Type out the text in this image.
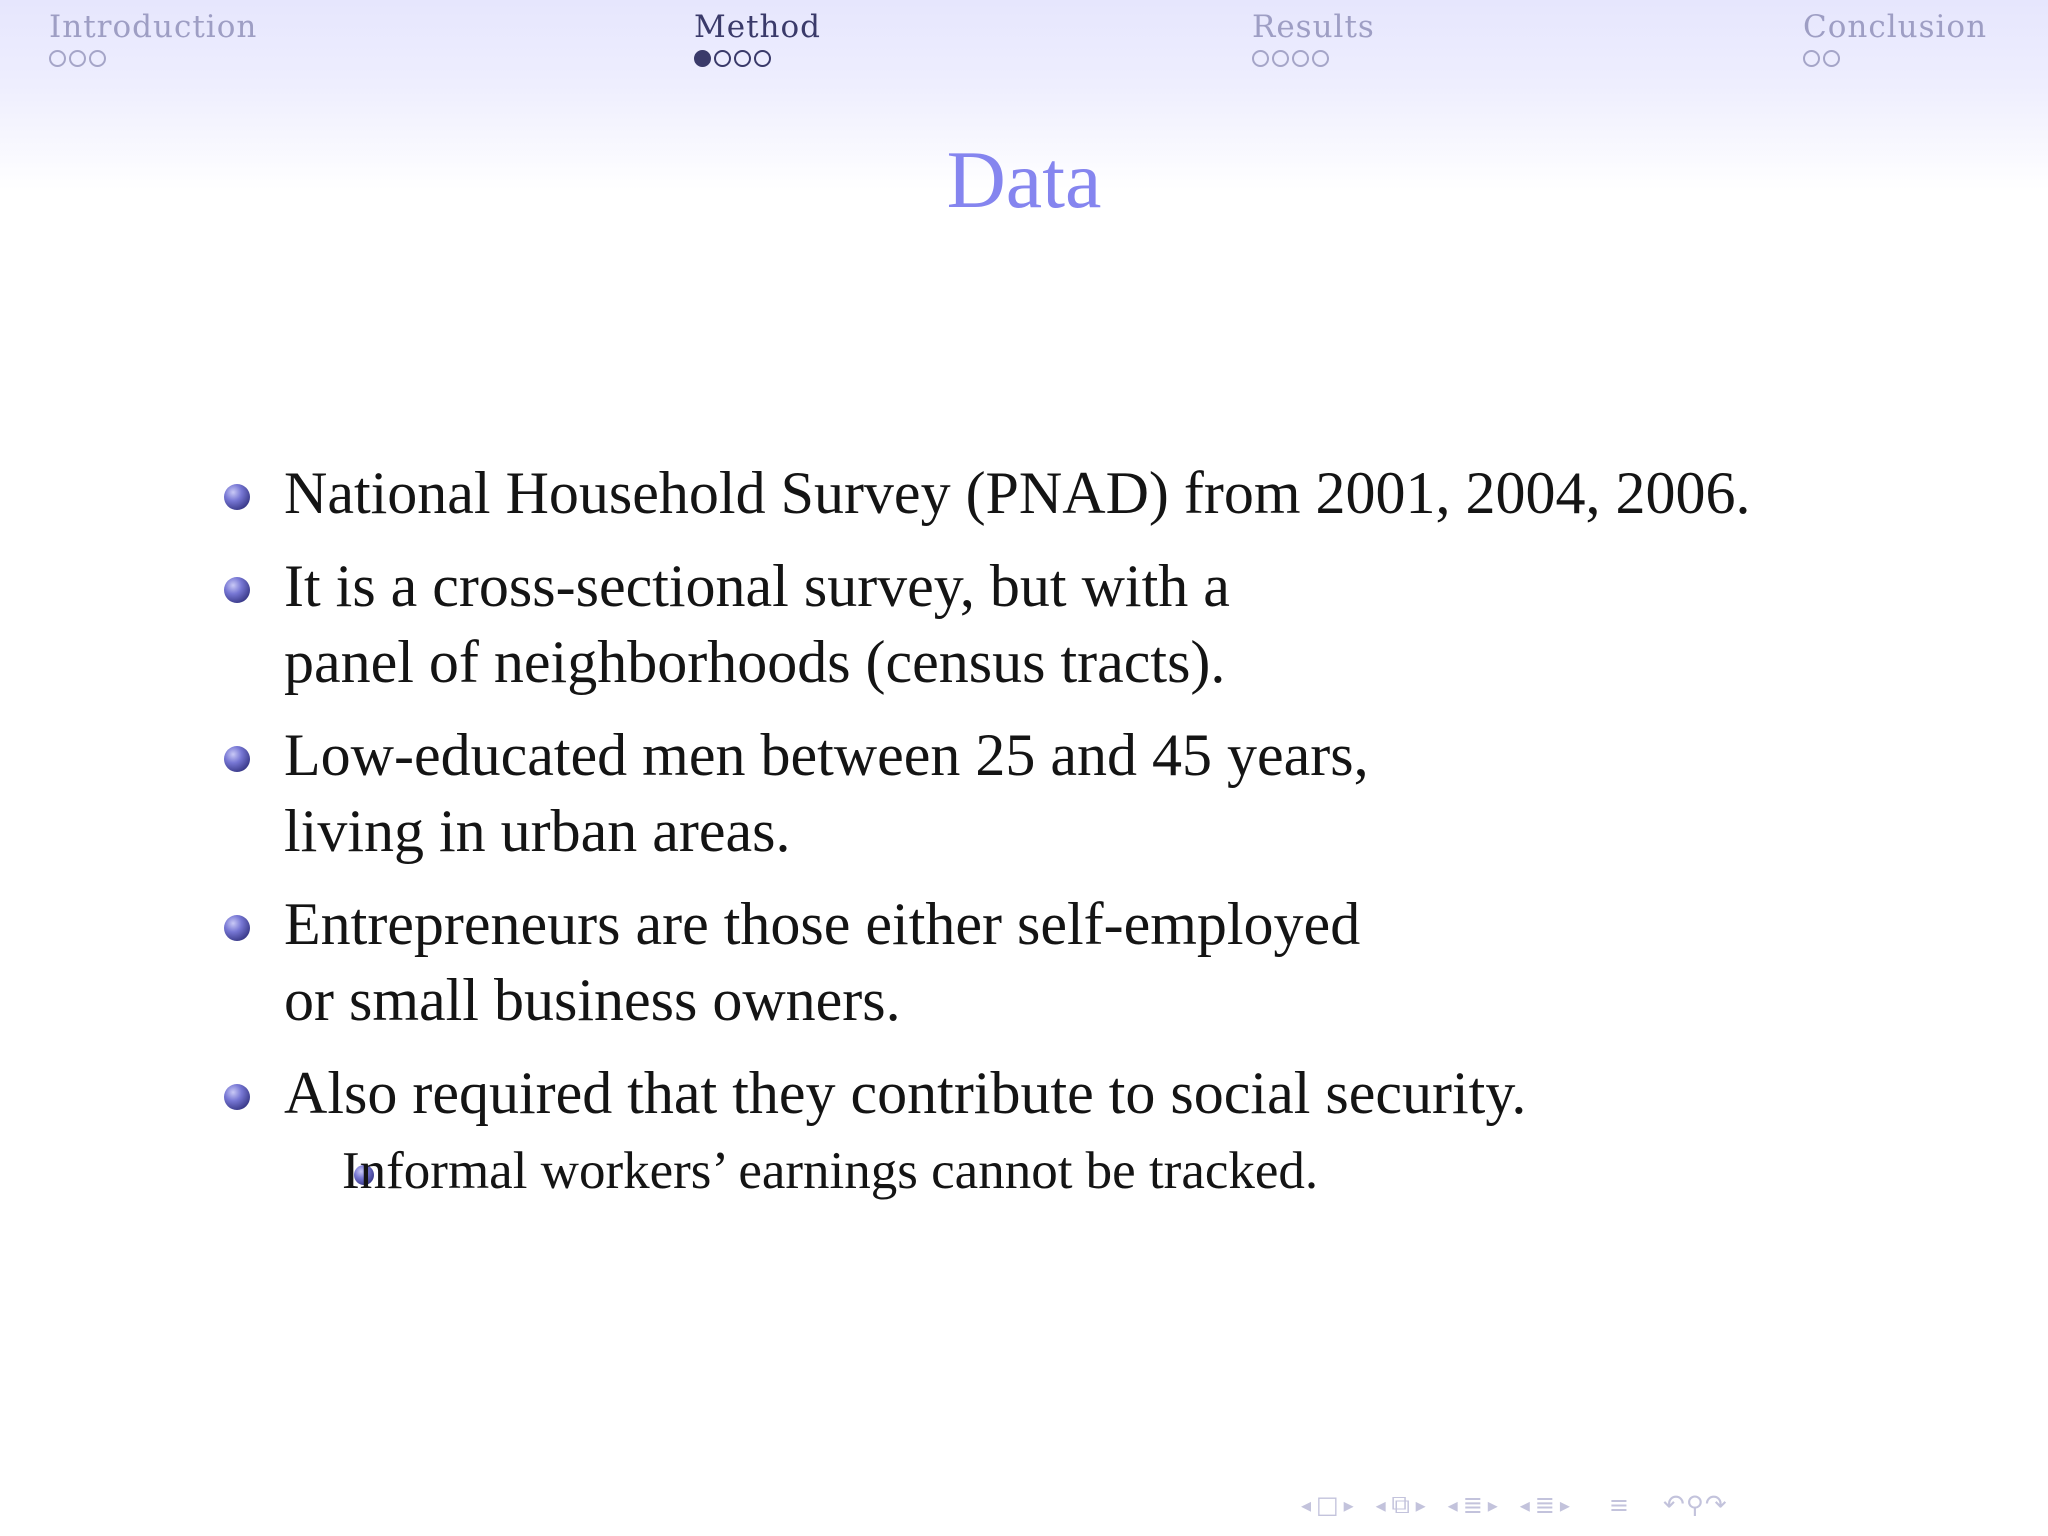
Introduction	Method	Results	Conclusion
Data
National Household Survey (PNAD) from 2001, 2004, 2006.
It is a cross-sectional survey, but with a
panel of neighborhoods (census tracts).
Low-educated men between 25 and 45 years,
living in urban areas.
Entrepreneurs are those either self-employed
or small business owners.
Also required that they contribute to social security.
Informal workers’ earnings cannot be tracked.
◂ □ ▸ ◂ ⧉ ▸ ◂ ≣ ▸ ◂ ≣ ▸ ≡ ↶ ⚲ ↷
